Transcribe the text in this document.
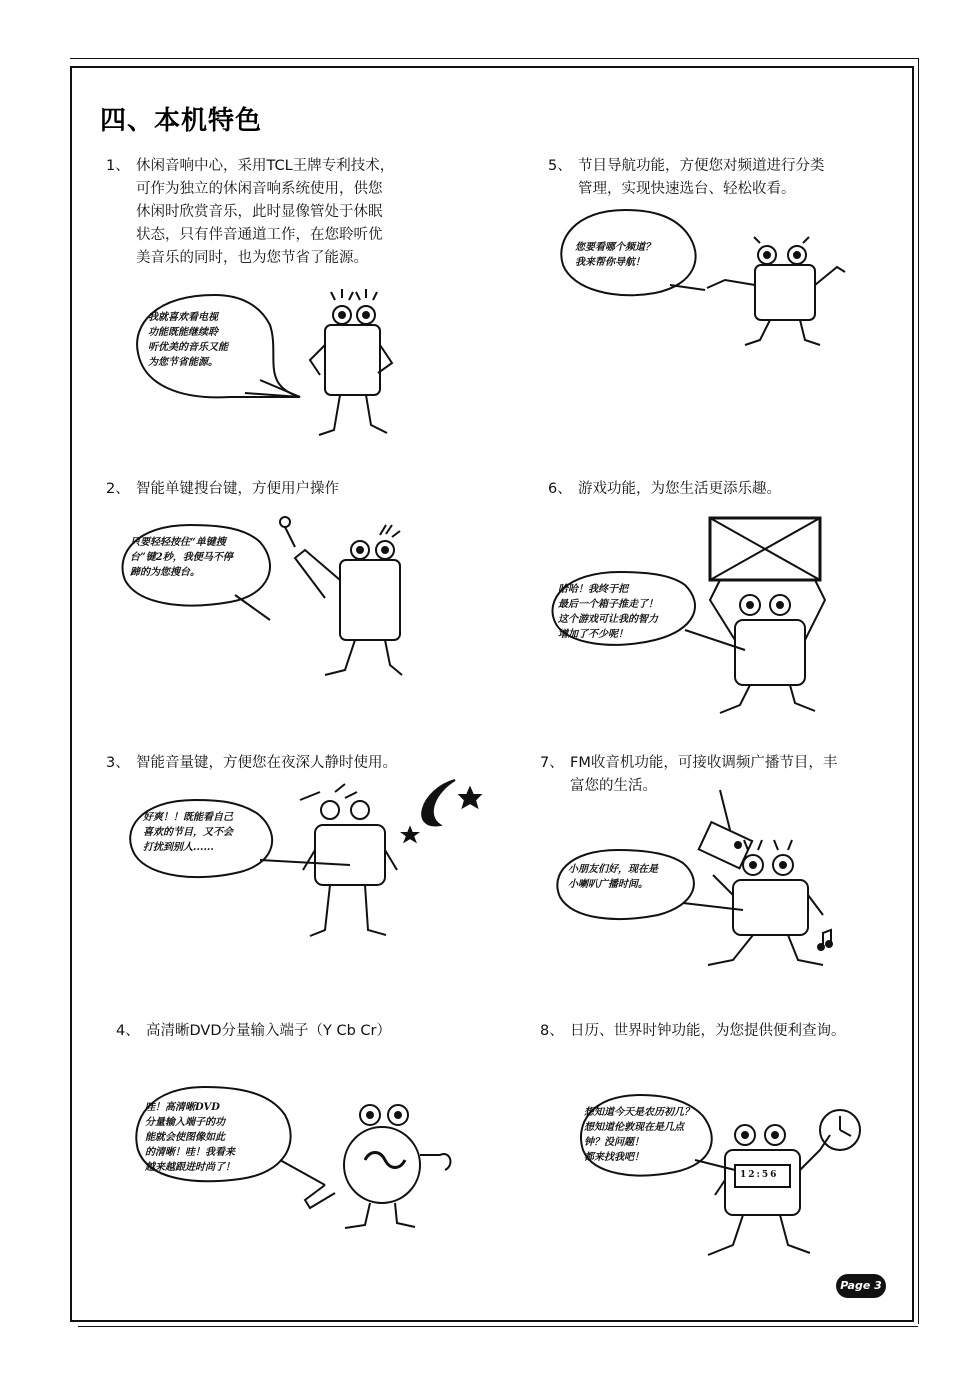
四、本机特色
1、 休闲音响中心，采用TCL王牌专利技术，
可作为独立的休闲音响系统使用，供您
休闲时欣赏音乐，此时显像管处于休眠
状态，只有伴音通道工作，在您聆听优
美音乐的同时，也为您节省了能源。
我就喜欢看电视
功能既能继续聆
听优美的音乐又能
为您节省能源。
2、 智能单键搜台键，方便用户操作
只要轻轻按住“单键搜
台”键2秒，我便马不停
蹄的为您搜台。
3、 智能音量键，方便您在夜深人静时使用。
好爽！！既能看自己
喜欢的节目，又不会
打扰到别人......
4、 高清晰DVD分量输入端子（Y Cb Cr）
哇！高清晰DVD
分量输入端子的功
能就会使图像如此
的清晰！哇！我看来
越来越跟进时尚了！
5、 节目导航功能，方便您对频道进行分类
管理，实现快速选台、轻松收看。
您要看哪个频道？
我来帮你导航！
6、 游戏功能，为您生活更添乐趣。
哈哈！我终于把
最后一个箱子推走了！
这个游戏可让我的智力
增加了不少呢！
7、 FM收音机功能，可接收调频广播节目，丰
富您的生活。
小朋友们好，现在是
小喇叭广播时间。
8、 日历、世界时钟功能，为您提供便利查询。
想知道今天是农历初几？
想知道伦敦现在是几点
钟？没问题！
都来找我吧！
12:56
Page 3
